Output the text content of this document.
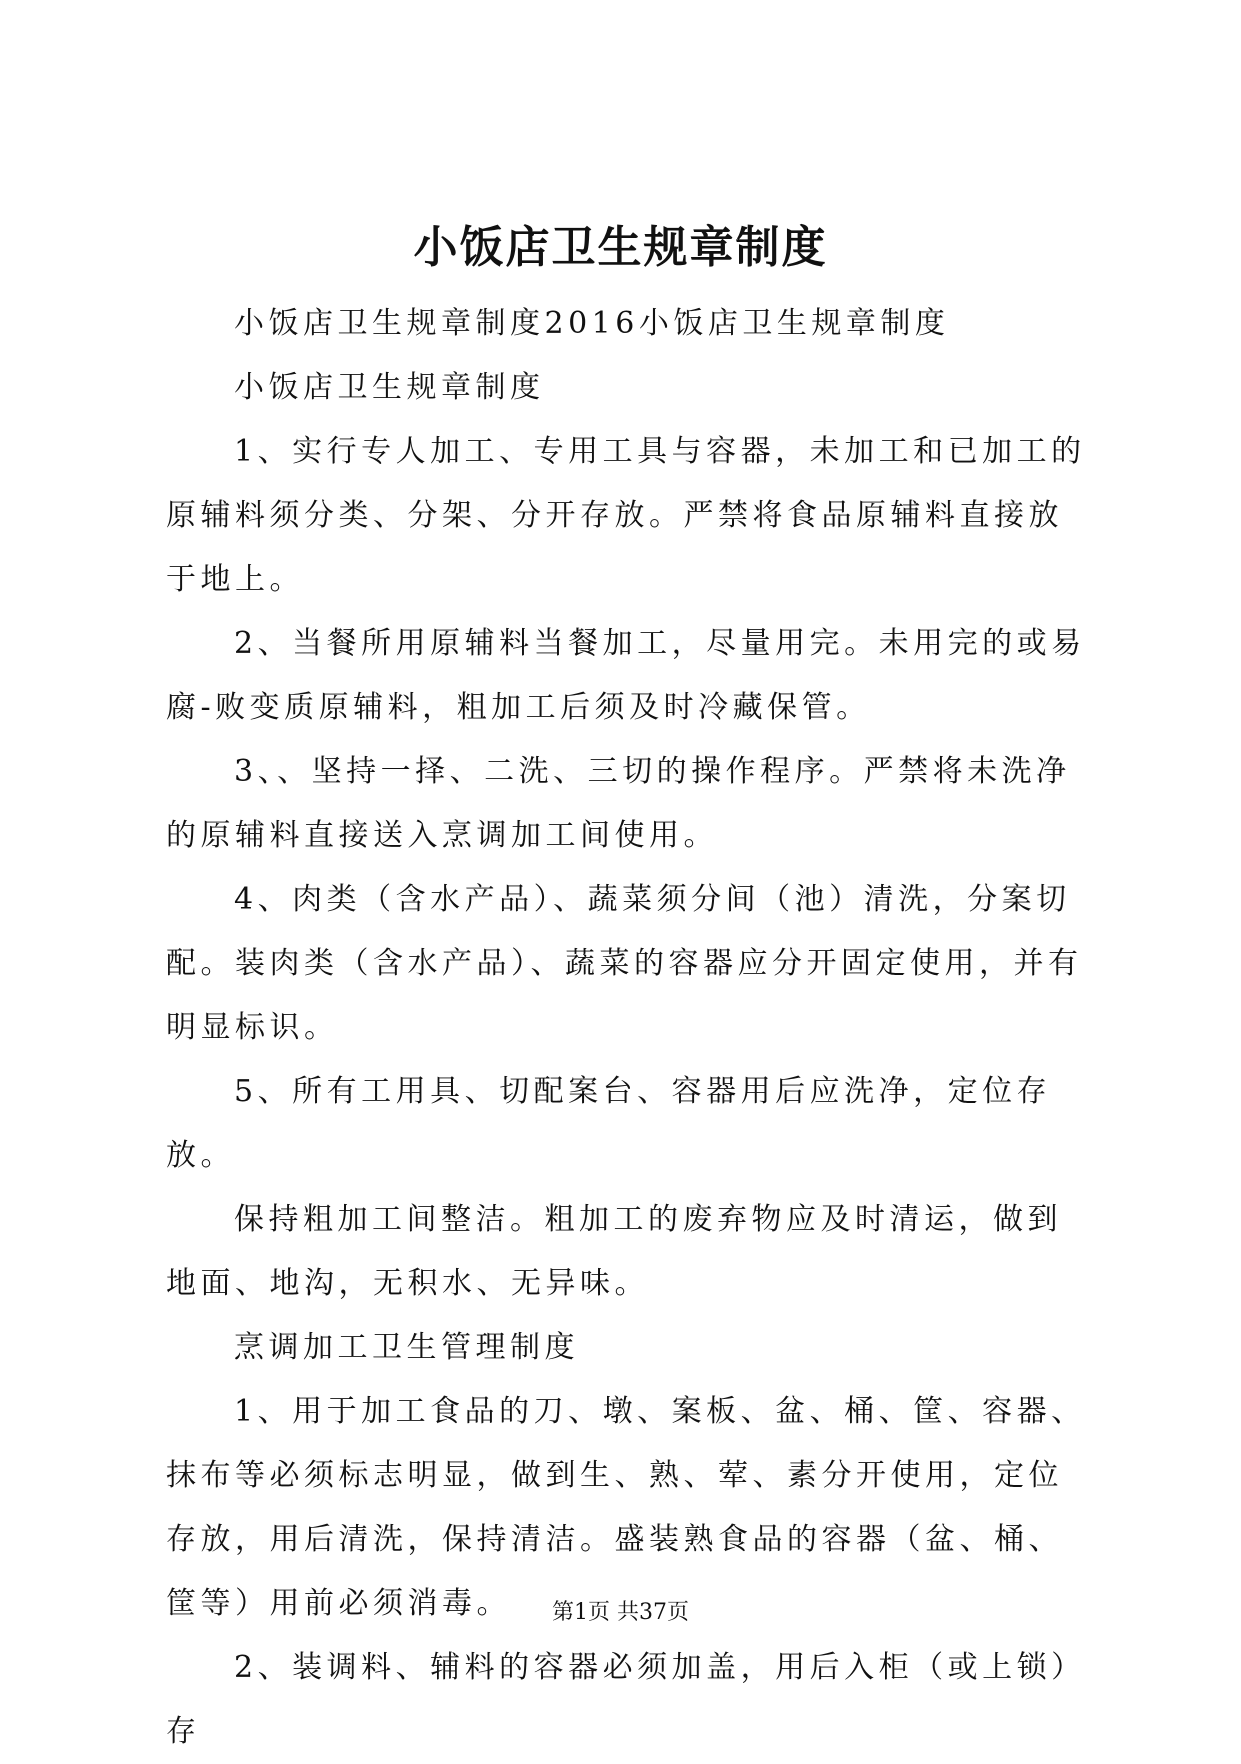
小饭店卫生规章制度

小饭店卫生规章制度2016小饭店卫生规章制度

小饭店卫生规章制度

1、实行专人加工、专用工具与容器，未加工和已加工的原辅料须分类、分架、分开存放。严禁将食品原辅料直接放于地上。

2、当餐所用原辅料当餐加工，尽量用完。未用完的或易腐-败变质原辅料，粗加工后须及时冷藏保管。

3、、坚持一择、二洗、三切的操作程序。严禁将未洗净的原辅料直接送入烹调加工间使用。

4、肉类（含水产品）、蔬菜须分间（池）清洗，分案切配。装肉类（含水产品）、蔬菜的容器应分开固定使用，并有明显标识。

5、所有工用具、切配案台、容器用后应洗净，定位存放。

保持粗加工间整洁。粗加工的废弃物应及时清运，做到地面、地沟，无积水、无异味。

烹调加工卫生管理制度

1、用于加工食品的刀、墩、案板、盆、桶、筐、容器、抹布等必须标志明显，做到生、熟、荤、素分开使用，定位存放，用后清洗，保持清洁。盛装熟食品的容器（盆、桶、筐等）用前必须消毒。

2、装调料、辅料的容器必须加盖，用后入柜（或上锁）存

第1页 共37页
